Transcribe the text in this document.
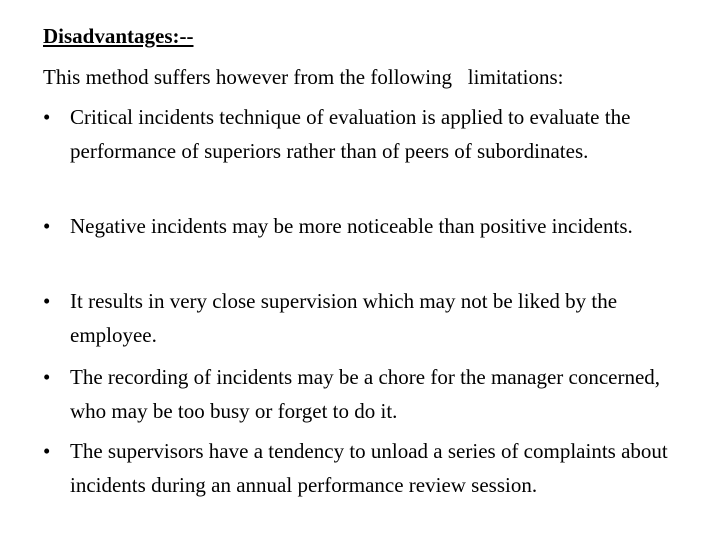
Disadvantages:--
This method suffers however from the following   limitations:
• Critical incidents technique of evaluation is applied to evaluate the performance of superiors rather than of peers of subordinates.
• Negative incidents may be more noticeable than positive incidents.
• It results in very close supervision which may not be liked by the employee.
• The recording of incidents may be a chore for the manager concerned, who may be too busy or forget to do it.
• The supervisors have a tendency to unload a series of complaints about incidents during an annual performance review session.
